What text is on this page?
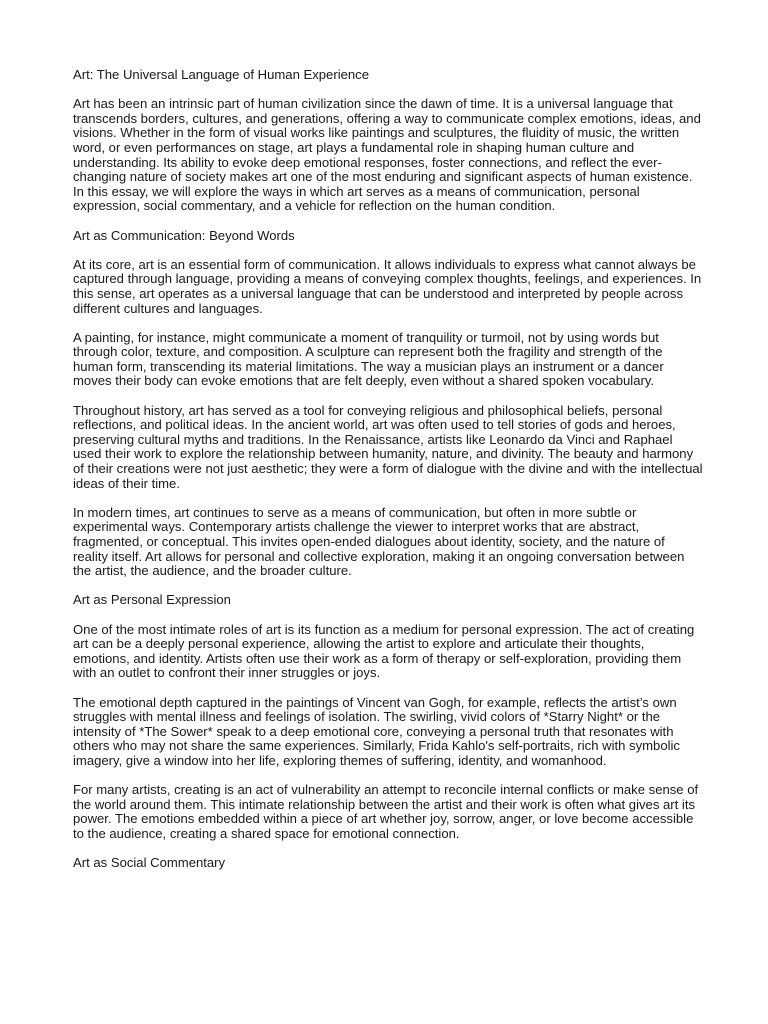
Art: The Universal Language of Human Experience

Art has been an intrinsic part of human civilization since the dawn of time. It is a universal language that transcends borders, cultures, and generations, offering a way to communicate complex emotions, ideas, and visions. Whether in the form of visual works like paintings and sculptures, the fluidity of music, the written word, or even performances on stage, art plays a fundamental role in shaping human culture and understanding. Its ability to evoke deep emotional responses, foster connections, and reflect the ever-changing nature of society makes art one of the most enduring and significant aspects of human existence. In this essay, we will explore the ways in which art serves as a means of communication, personal expression, social commentary, and a vehicle for reflection on the human condition.

Art as Communication: Beyond Words

At its core, art is an essential form of communication. It allows individuals to express what cannot always be captured through language, providing a means of conveying complex thoughts, feelings, and experiences. In this sense, art operates as a universal language that can be understood and interpreted by people across different cultures and languages.

A painting, for instance, might communicate a moment of tranquility or turmoil, not by using words but through color, texture, and composition. A sculpture can represent both the fragility and strength of the human form, transcending its material limitations. The way a musician plays an instrument or a dancer moves their body can evoke emotions that are felt deeply, even without a shared spoken vocabulary.

Throughout history, art has served as a tool for conveying religious and philosophical beliefs, personal reflections, and political ideas. In the ancient world, art was often used to tell stories of gods and heroes, preserving cultural myths and traditions. In the Renaissance, artists like Leonardo da Vinci and Raphael used their work to explore the relationship between humanity, nature, and divinity. The beauty and harmony of their creations were not just aesthetic; they were a form of dialogue with the divine and with the intellectual ideas of their time.

In modern times, art continues to serve as a means of communication, but often in more subtle or experimental ways. Contemporary artists challenge the viewer to interpret works that are abstract, fragmented, or conceptual. This invites open-ended dialogues about identity, society, and the nature of reality itself. Art allows for personal and collective exploration, making it an ongoing conversation between the artist, the audience, and the broader culture.

Art as Personal Expression

One of the most intimate roles of art is its function as a medium for personal expression. The act of creating art can be a deeply personal experience, allowing the artist to explore and articulate their thoughts, emotions, and identity. Artists often use their work as a form of therapy or self-exploration, providing them with an outlet to confront their inner struggles or joys.

The emotional depth captured in the paintings of Vincent van Gogh, for example, reflects the artist’s own struggles with mental illness and feelings of isolation. The swirling, vivid colors of *Starry Night* or the intensity of *The Sower* speak to a deep emotional core, conveying a personal truth that resonates with others who may not share the same experiences. Similarly, Frida Kahlo's self-portraits, rich with symbolic imagery, give a window into her life, exploring themes of suffering, identity, and womanhood.

For many artists, creating is an act of vulnerability an attempt to reconcile internal conflicts or make sense of the world around them. This intimate relationship between the artist and their work is often what gives art its power. The emotions embedded within a piece of art whether joy, sorrow, anger, or love become accessible to the audience, creating a shared space for emotional connection.

Art as Social Commentary
